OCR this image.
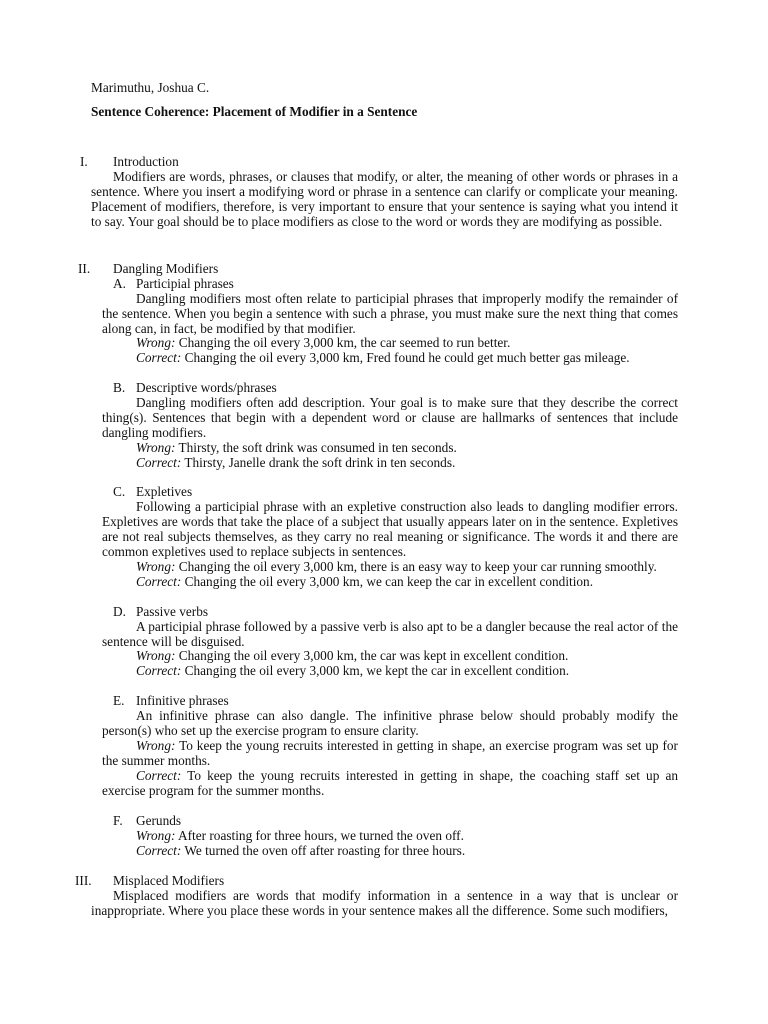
Marimuthu, Joshua C.
Sentence Coherence: Placement of Modifier in a Sentence
I. Introduction
Modifiers are words, phrases, or clauses that modify, or alter, the meaning of other words or phrases in a sentence. Where you insert a modifying word or phrase in a sentence can clarify or complicate your meaning. Placement of modifiers, therefore, is very important to ensure that your sentence is saying what you intend it to say. Your goal should be to place modifiers as close to the word or words they are modifying as possible.
II. Dangling Modifiers
A. Participial phrases
Dangling modifiers most often relate to participial phrases that improperly modify the remainder of the sentence. When you begin a sentence with such a phrase, you must make sure the next thing that comes along can, in fact, be modified by that modifier.
Wrong: Changing the oil every 3,000 km, the car seemed to run better.
Correct: Changing the oil every 3,000 km, Fred found he could get much better gas mileage.
B. Descriptive words/phrases
Dangling modifiers often add description. Your goal is to make sure that they describe the correct thing(s). Sentences that begin with a dependent word or clause are hallmarks of sentences that include dangling modifiers.
Wrong: Thirsty, the soft drink was consumed in ten seconds.
Correct: Thirsty, Janelle drank the soft drink in ten seconds.
C. Expletives
Following a participial phrase with an expletive construction also leads to dangling modifier errors. Expletives are words that take the place of a subject that usually appears later on in the sentence. Expletives are not real subjects themselves, as they carry no real meaning or significance. The words it and there are common expletives used to replace subjects in sentences.
Wrong: Changing the oil every 3,000 km, there is an easy way to keep your car running smoothly.
Correct: Changing the oil every 3,000 km, we can keep the car in excellent condition.
D. Passive verbs
A participial phrase followed by a passive verb is also apt to be a dangler because the real actor of the sentence will be disguised.
Wrong: Changing the oil every 3,000 km, the car was kept in excellent condition.
Correct: Changing the oil every 3,000 km, we kept the car in excellent condition.
E. Infinitive phrases
An infinitive phrase can also dangle. The infinitive phrase below should probably modify the person(s) who set up the exercise program to ensure clarity.
Wrong: To keep the young recruits interested in getting in shape, an exercise program was set up for the summer months.
Correct: To keep the young recruits interested in getting in shape, the coaching staff set up an exercise program for the summer months.
F. Gerunds
Wrong: After roasting for three hours, we turned the oven off.
Correct: We turned the oven off after roasting for three hours.
III. Misplaced Modifiers
Misplaced modifiers are words that modify information in a sentence in a way that is unclear or inappropriate. Where you place these words in your sentence makes all the difference. Some such modifiers,
